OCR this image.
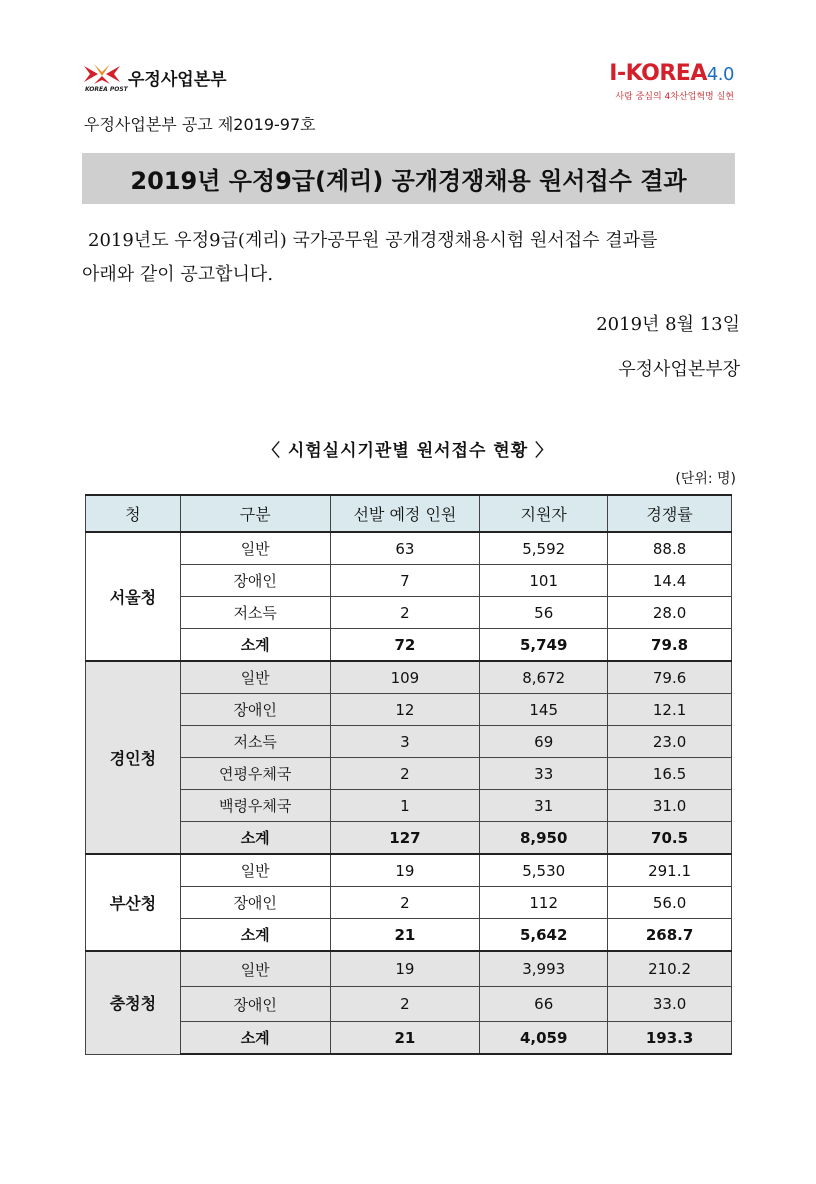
KOREA POST 우정사업본부	I-KOREA4.0
사람 중심의 4차산업혁명 실현
우정사업본부 공고 제2019-97호
2019년 우정9급(계리) 공개경쟁채용 원서접수 결과
2019년도 우정9급(계리) 국가공무원 공개경쟁채용시험 원서접수 결과를
아래와 같이 공고합니다.
2019년 8월 13일
우정사업본부장
〈 시험실시기관별 원서접수 현황 〉
(단위: 명)
청	구분	선발 예정 인원	지원자	경쟁률
서울청	일반	63	5,592	88.8
	장애인	7	101	14.4
	저소득	2	56	28.0
	소계	72	5,749	79.8
경인청	일반	109	8,672	79.6
	장애인	12	145	12.1
	저소득	3	69	23.0
	연평우체국	2	33	16.5
	백령우체국	1	31	31.0
	소계	127	8,950	70.5
부산청	일반	19	5,530	291.1
	장애인	2	112	56.0
	소계	21	5,642	268.7
충청청	일반	19	3,993	210.2
	장애인	2	66	33.0
	소계	21	4,059	193.3
